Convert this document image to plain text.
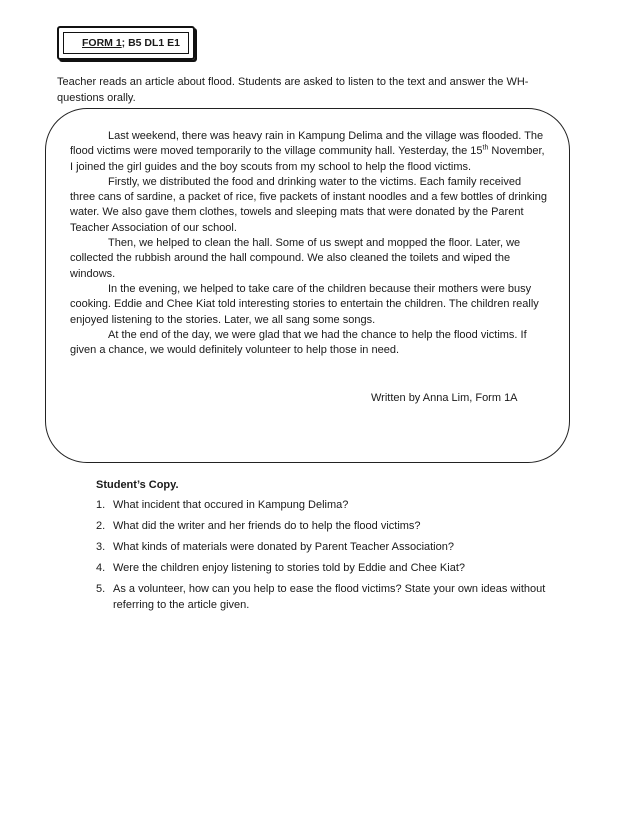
FORM 1 ; B5 DL1 E1
Teacher reads an article about flood. Students are asked to listen to the text and answer the WH-questions orally.

Last weekend, there was heavy rain in Kampung Delima and the village was flooded. The flood victims were moved temporarily to the village community hall. Yesterday, the 15th November, I joined the girl guides and the boy scouts from my school to help the flood victims.

Firstly, we distributed the food and drinking water to the victims. Each family received three cans of sardine, a packet of rice, five packets of instant noodles and a few bottles of drinking water. We also gave them clothes, towels and sleeping mats that were donated by the Parent Teacher Association of our school.

Then, we helped to clean the hall. Some of us swept and mopped the floor. Later, we collected the rubbish around the hall compound. We also cleaned the toilets and wiped the windows.

In the evening, we helped to take care of the children because their mothers were busy cooking. Eddie and Chee Kiat told interesting stories to entertain the children. The children really enjoyed listening to the stories. Later, we all sang some songs.

At the end of the day, we were glad that we had the chance to help the flood victims. If given a chance, we would definitely volunteer to help those in need.

Written by Anna Lim, Form 1A
Student’s Copy.
1. What incident that occured in Kampung Delima?
2. What did the writer and her friends do to help the flood victims?
3. What kinds of materials were donated by Parent Teacher Association?
4. Were the children enjoy listening to stories told by Eddie and Chee Kiat?
5. As a volunteer, how can you help to ease the flood victims? State your own ideas without referring to the article given.
